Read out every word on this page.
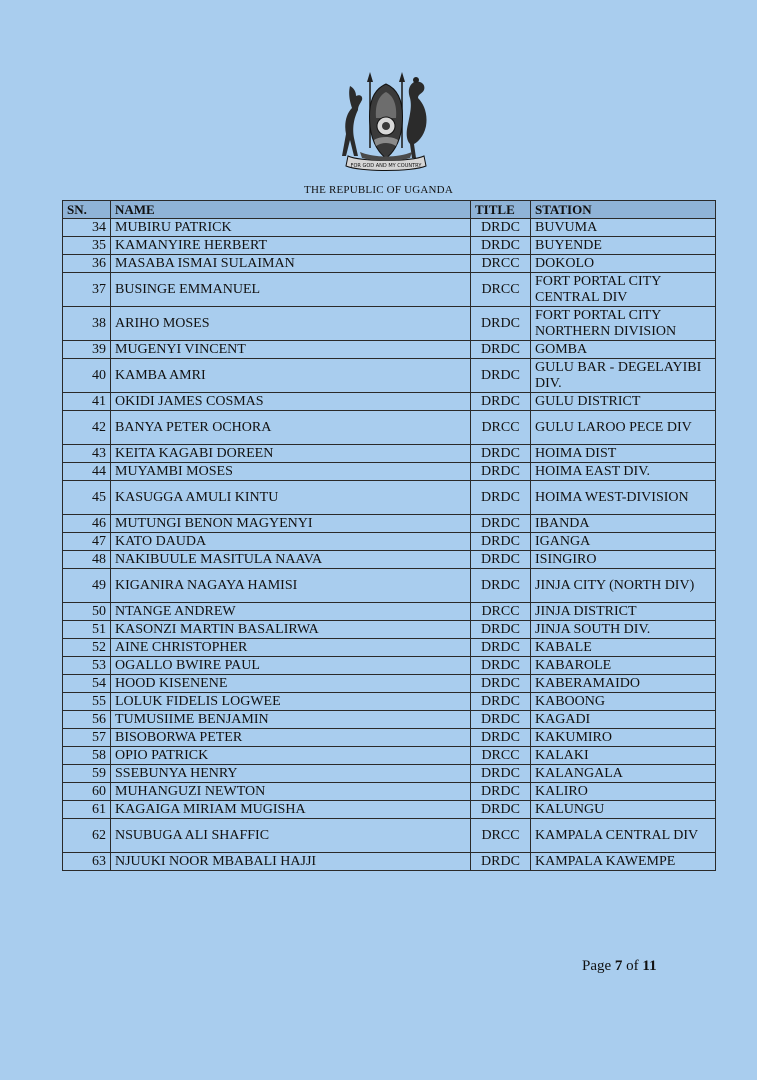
FOR GOD AND MY COUNTRY
THE REPUBLIC OF UGANDA
SN.	NAME	TITLE	STATION
34	MUBIRU PATRICK	DRDC	BUVUMA
35	KAMANYIRE HERBERT	DRDC	BUYENDE
36	MASABA ISMAI SULAIMAN	DRCC	DOKOLO
37	BUSINGE EMMANUEL	DRCC	FORT PORTAL CITY CENTRAL DIV
38	ARIHO MOSES	DRDC	FORT PORTAL CITY NORTHERN DIVISION
39	MUGENYI VINCENT	DRDC	GOMBA
40	KAMBA AMRI	DRDC	GULU BAR - DEGELAYIBI DIV.
41	OKIDI JAMES COSMAS	DRDC	GULU DISTRICT
42	BANYA PETER OCHORA	DRCC	GULU LAROO PECE DIV
43	KEITA KAGABI DOREEN	DRDC	HOIMA DIST
44	MUYAMBI MOSES	DRDC	HOIMA EAST DIV.
45	KASUGGA AMULI KINTU	DRDC	HOIMA WEST-DIVISION
46	MUTUNGI BENON MAGYENYI	DRDC	IBANDA
47	KATO DAUDA	DRDC	IGANGA
48	NAKIBUULE MASITULA NAAVA	DRDC	ISINGIRO
49	KIGANIRA NAGAYA HAMISI	DRDC	JINJA CITY (NORTH DIV)
50	NTANGE ANDREW	DRCC	JINJA DISTRICT
51	KASONZI MARTIN BASALIRWA	DRDC	JINJA SOUTH DIV.
52	AINE CHRISTOPHER	DRDC	KABALE
53	OGALLO BWIRE PAUL	DRDC	KABAROLE
54	HOOD KISENENE	DRDC	KABERAMAIDO
55	LOLUK FIDELIS LOGWEE	DRDC	KABOONG
56	TUMUSIIME BENJAMIN	DRDC	KAGADI
57	BISOBORWA PETER	DRDC	KAKUMIRO
58	OPIO PATRICK	DRCC	KALAKI
59	SSEBUNYA HENRY	DRDC	KALANGALA
60	MUHANGUZI NEWTON	DRDC	KALIRO
61	KAGAIGA MIRIAM MUGISHA	DRDC	KALUNGU
62	NSUBUGA ALI SHAFFIC	DRCC	KAMPALA CENTRAL DIV
63	NJUUKI NOOR MBABALI HAJJI	DRDC	KAMPALA KAWEMPE
Page 7 of 11
